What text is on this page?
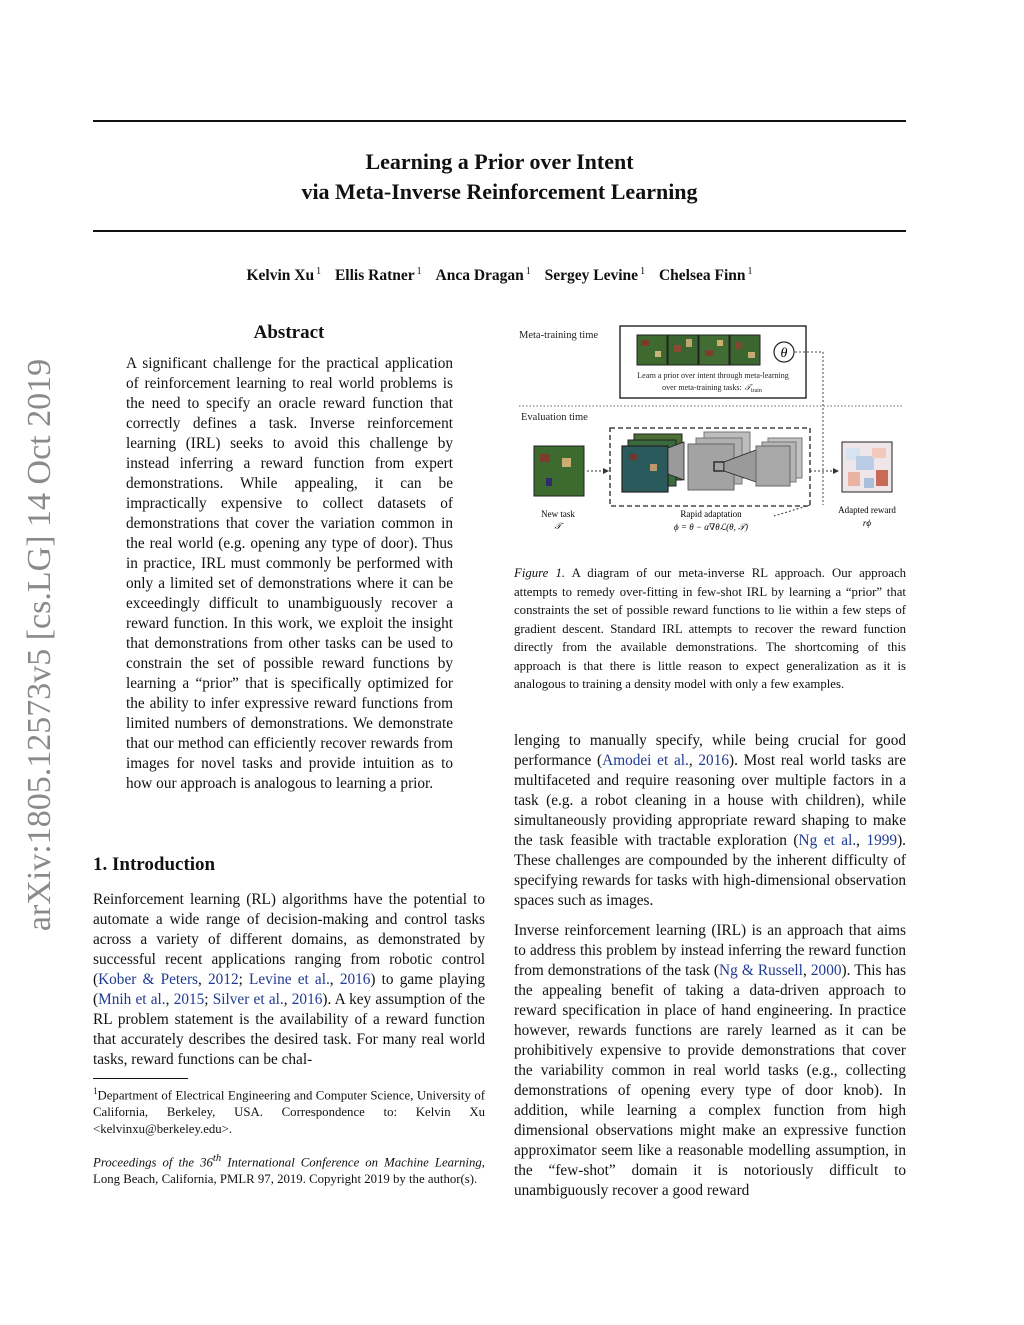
arXiv:1805.12573v5 [cs.LG] 14 Oct 2019
Learning a Prior over Intent
via Meta-Inverse Reinforcement Learning
Kelvin Xu $^1$ Ellis Ratner $^1$ Anca Dragan $^1$ Sergey Levine $^1$ Chelsea Finn $^1$
Abstract
A significant challenge for the practical application of reinforcement learning to real world problems is the need to specify an oracle reward function that correctly defines a task. Inverse reinforcement learning (IRL) seeks to avoid this challenge by instead inferring a reward function from expert demonstrations. While appealing, it can be impractically expensive to collect datasets of demonstrations that cover the variation common in the real world (e.g. opening any type of door). Thus in practice, IRL must commonly be performed with only a limited set of demonstrations where it can be exceedingly difficult to unambiguously recover a reward function. In this work, we exploit the insight that demonstrations from other tasks can be used to constrain the set of possible reward functions by learning a “prior” that is specifically optimized for the ability to infer expressive reward functions from limited numbers of demonstrations. We demonstrate that our method can efficiently recover rewards from images for novel tasks and provide intuition as to how our approach is analogous to learning a prior.
1. Introduction

Reinforcement learning (RL) algorithms have the potential to automate a wide range of decision-making and control tasks across a variety of different domains, as demonstrated by successful recent applications ranging from robotic control (Kober & Peters, 2012; Levine et al., 2016) to game playing (Mnih et al., 2015; Silver et al., 2016). A key assumption of the RL problem statement is the availability of a reward function that accurately describes the desired task. For many real world tasks, reward functions can be chal-

$^1$Department of Electrical Engineering and Computer Science, University of California, Berkeley, USA. Correspondence to: Kelvin Xu <kelvinxu@berkeley.edu>.

Proceedings of the 36th International Conference on Machine Learning, Long Beach, California, PMLR 97, 2019. Copyright 2019 by the author(s).

Meta-training time
θ
Learn a prior over intent through meta-learning
over meta-training tasks: 𝒯$_{train}$
Evaluation time
New task
𝒯
Rapid adaptation
ϕ = θ − α∇θℒ(θ, 𝒯)
Adapted reward
rϕ
Figure 1. A diagram of our meta-inverse RL approach. Our approach attempts to remedy over-fitting in few-shot IRL by learning a “prior” that constraints the set of possible reward functions to lie within a few steps of gradient descent. Standard IRL attempts to recover the reward function directly from the available demonstrations. The shortcoming of this approach is that there is little reason to expect generalization as it is analogous to training a density model with only a few examples.

lenging to manually specify, while being crucial for good performance (Amodei et al., 2016). Most real world tasks are multifaceted and require reasoning over multiple factors in a task (e.g. a robot cleaning in a house with children), while simultaneously providing appropriate reward shaping to make the task feasible with tractable exploration (Ng et al., 1999). These challenges are compounded by the inherent difficulty of specifying rewards for tasks with high-dimensional observation spaces such as images.

Inverse reinforcement learning (IRL) is an approach that aims to address this problem by instead inferring the reward function from demonstrations of the task (Ng & Russell, 2000). This has the appealing benefit of taking a data-driven approach to reward specification in place of hand engineering. In practice however, rewards functions are rarely learned as it can be prohibitively expensive to provide demonstrations that cover the variability common in real world tasks (e.g., collecting demonstrations of opening every type of door knob). In addition, while learning a complex function from high dimensional observations might make an expressive function approximator seem like a reasonable modelling assumption, in the “few-shot” domain it is notoriously difficult to unambiguously recover a good reward
